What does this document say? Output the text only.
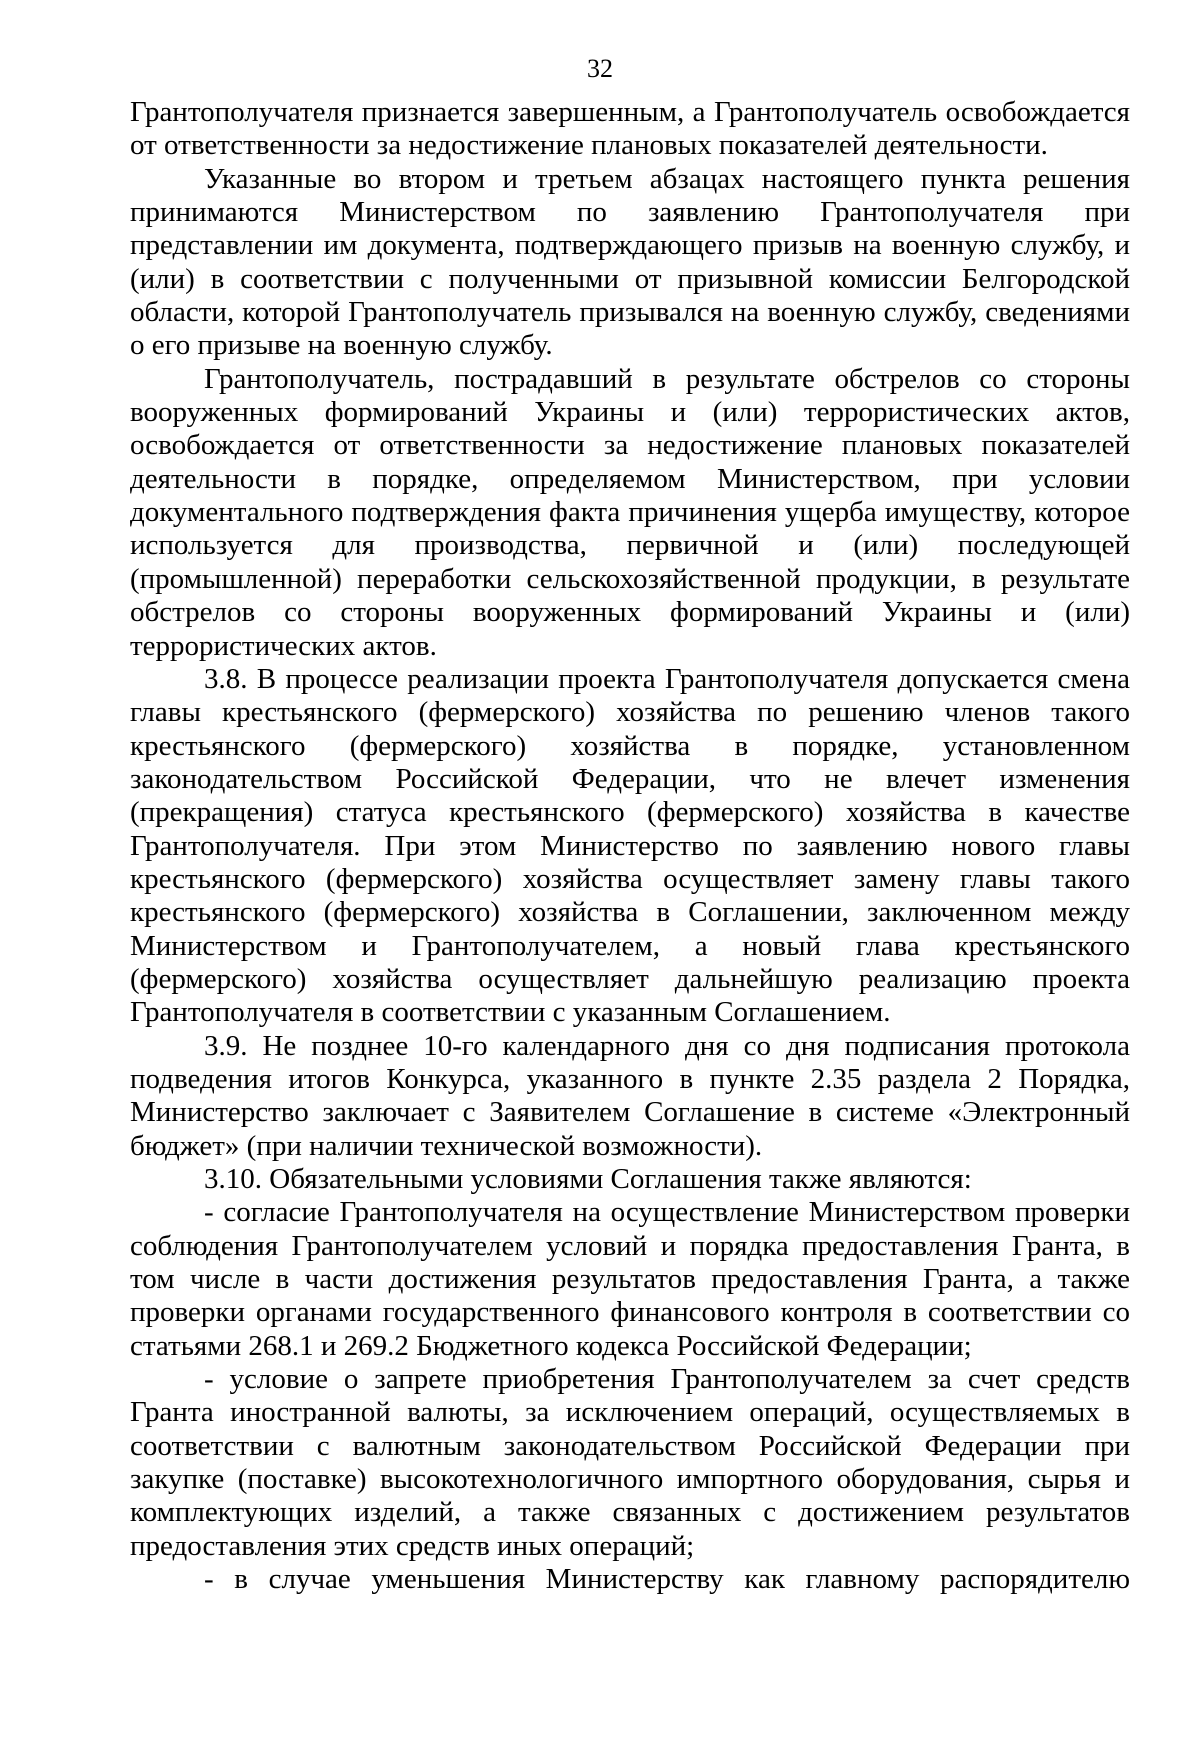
32

Грантополучателя признается завершенным, а Грантополучатель освобождается от ответственности за недостижение плановых показателей деятельности.

Указанные во втором и третьем абзацах настоящего пункта решения принимаются Министерством по заявлению Грантополучателя при представлении им документа, подтверждающего призыв на военную службу, и (или) в соответствии с полученными от призывной комиссии Белгородской области, которой Грантополучатель призывался на военную службу, сведениями о его призыве на военную службу.

Грантополучатель, пострадавший в результате обстрелов со стороны вооруженных формирований Украины и (или) террористических актов, освобождается от ответственности за недостижение плановых показателей деятельности в порядке, определяемом Министерством, при условии документального подтверждения факта причинения ущерба имуществу, которое используется для производства, первичной и (или) последующей (промышленной) переработки сельскохозяйственной продукции, в результате обстрелов со стороны вооруженных формирований Украины и (или) террористических актов.

3.8. В процессе реализации проекта Грантополучателя допускается смена главы крестьянского (фермерского) хозяйства по решению членов такого крестьянского (фермерского) хозяйства в порядке, установленном законодательством Российской Федерации, что не влечет изменения (прекращения) статуса крестьянского (фермерского) хозяйства в качестве Грантополучателя. При этом Министерство по заявлению нового главы крестьянского (фермерского) хозяйства осуществляет замену главы такого крестьянского (фермерского) хозяйства в Соглашении, заключенном между Министерством и Грантополучателем, а новый глава крестьянского (фермерского) хозяйства осуществляет дальнейшую реализацию проекта Грантополучателя в соответствии с указанным Соглашением.

3.9. Не позднее 10-го календарного дня со дня подписания протокола подведения итогов Конкурса, указанного в пункте 2.35 раздела 2 Порядка, Министерство заключает с Заявителем Соглашение в системе «Электронный бюджет» (при наличии технической возможности).

3.10. Обязательными условиями Соглашения также являются:

- согласие Грантополучателя на осуществление Министерством проверки соблюдения Грантополучателем условий и порядка предоставления Гранта, в том числе в части достижения результатов предоставления Гранта, а также проверки органами государственного финансового контроля в соответствии со статьями 268.1 и 269.2 Бюджетного кодекса Российской Федерации;

- условие о запрете приобретения Грантополучателем за счет средств Гранта иностранной валюты, за исключением операций, осуществляемых в соответствии с валютным законодательством Российской Федерации при закупке (поставке) высокотехнологичного импортного оборудования, сырья и комплектующих изделий, а также связанных с достижением результатов предоставления этих средств иных операций;

- в случае уменьшения Министерству как главному распорядителю
